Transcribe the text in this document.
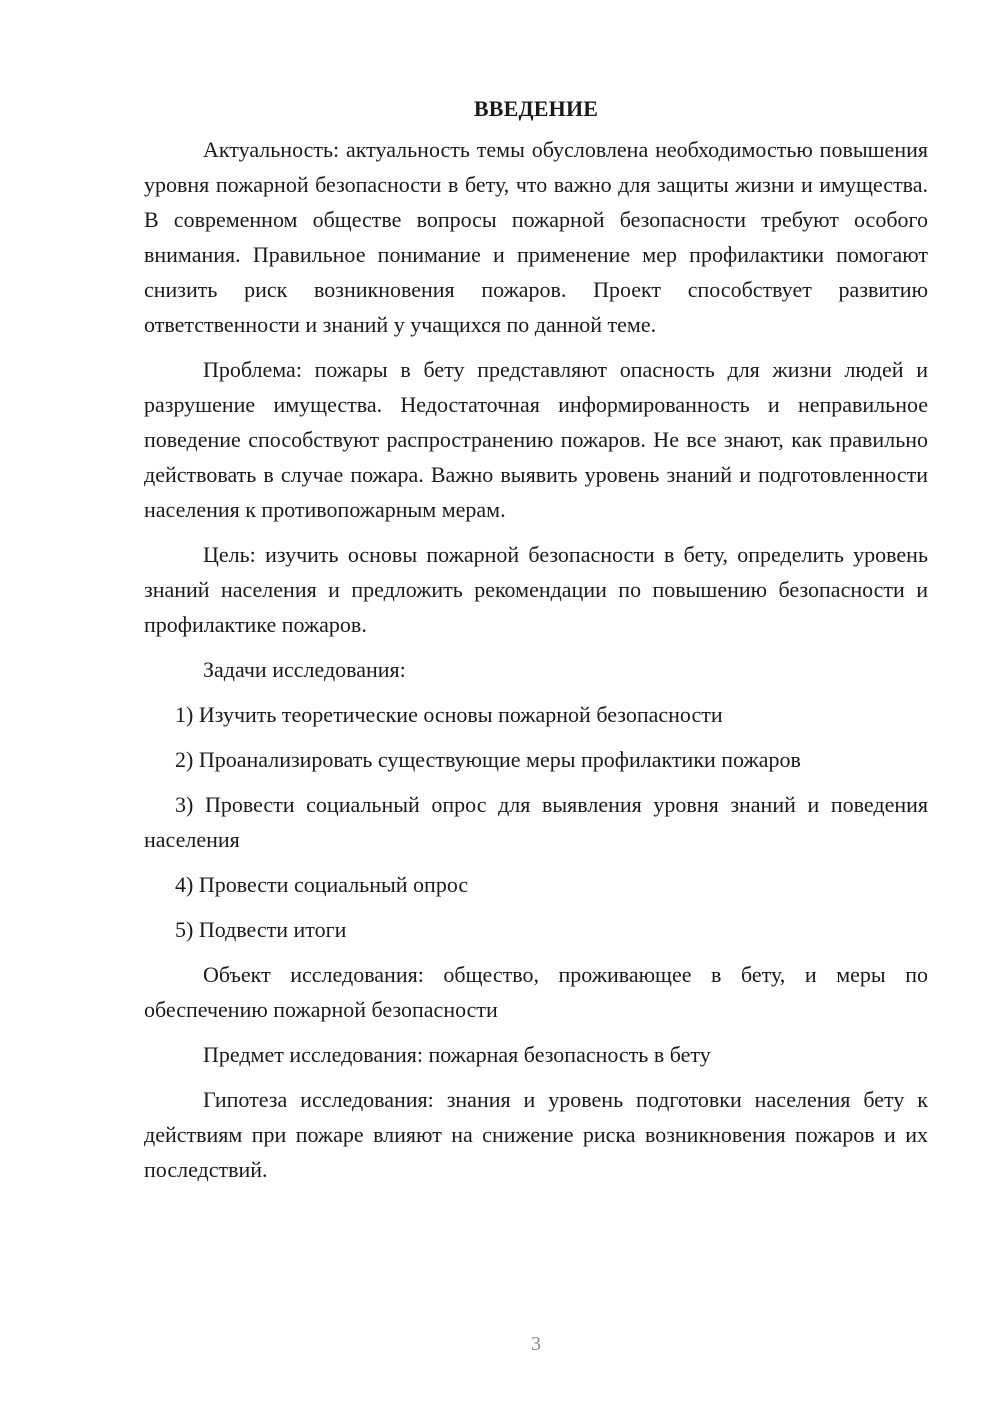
ВВЕДЕНИЕ

Актуальность: актуальность темы обусловлена необходимостью повышения уровня пожарной безопасности в бету, что важно для защиты жизни и имущества. В современном обществе вопросы пожарной безопасности требуют особого внимания. Правильное понимание и применение мер профилактики помогают снизить риск возникновения пожаров. Проект способствует развитию ответственности и знаний у учащихся по данной теме.

Проблема: пожары в бету представляют опасность для жизни людей и разрушение имущества. Недостаточная информированность и неправильное поведение способствуют распространению пожаров. Не все знают, как правильно действовать в случае пожара. Важно выявить уровень знаний и подготовленности населения к противопожарным мерам.

Цель: изучить основы пожарной безопасности в бету, определить уровень знаний населения и предложить рекомендации по повышению безопасности и профилактике пожаров.

Задачи исследования:

1) Изучить теоретические основы пожарной безопасности

2) Проанализировать существующие меры профилактики пожаров

3) Провести социальный опрос для выявления уровня знаний и поведения населения

4) Провести социальный опрос

5) Подвести итоги

Объект исследования: общество, проживающее в бету, и меры по обеспечению пожарной безопасности

Предмет исследования: пожарная безопасность в бету

Гипотеза исследования: знания и уровень подготовки населения бету к действиям при пожаре влияют на снижение риска возникновения пожаров и их последствий.

3
